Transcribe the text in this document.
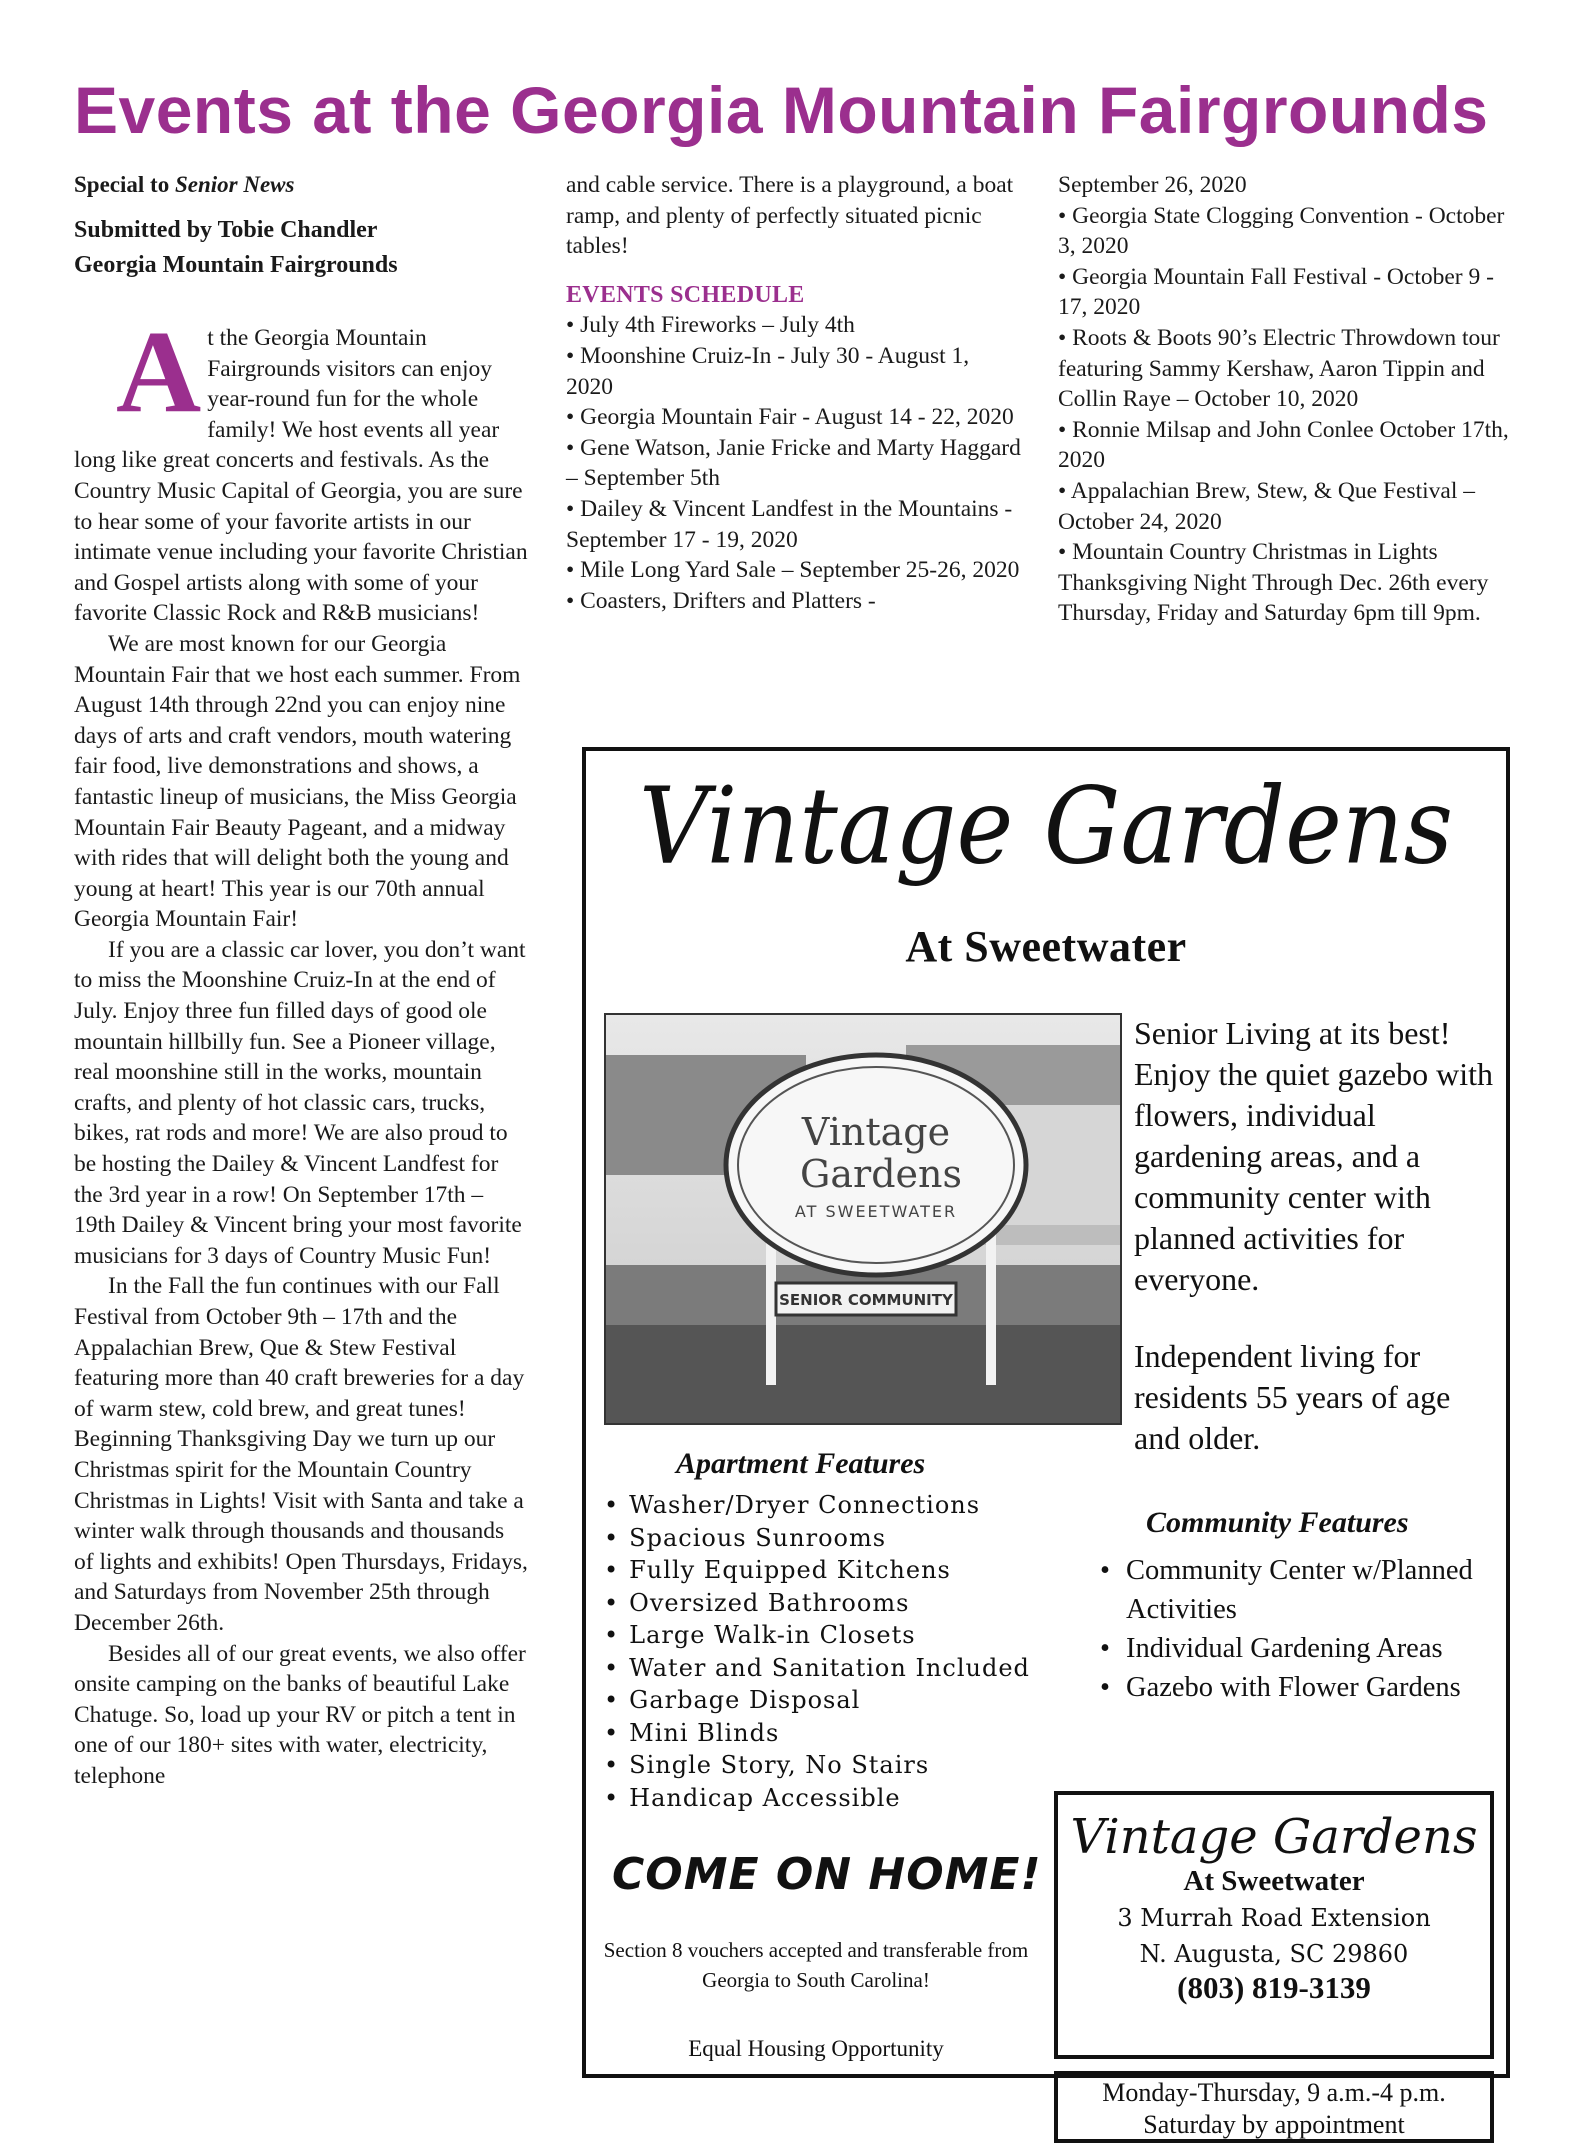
Events at the Georgia Mountain Fairgrounds

Special to Senior News

Submitted by Tobie Chandler
Georgia Mountain Fairgrounds

At the Georgia Mountain Fairgrounds visitors can enjoy year-round fun for the whole family! We host events all year long like great concerts and festivals. As the Country Music Capital of Georgia, you are sure to hear some of your favorite artists in our intimate venue including your favorite Christian and Gospel artists along with some of your favorite Classic Rock and R&B musicians!

We are most known for our Georgia Mountain Fair that we host each summer. From August 14th through 22nd you can enjoy nine days of arts and craft vendors, mouth watering fair food, live demonstrations and shows, a fantastic lineup of musicians, the Miss Georgia Mountain Fair Beauty Pageant, and a midway with rides that will delight both the young and young at heart! This year is our 70th annual Georgia Mountain Fair!

If you are a classic car lover, you don’t want to miss the Moonshine Cruiz-In at the end of July. Enjoy three fun filled days of good ole mountain hillbilly fun. See a Pioneer village, real moonshine still in the works, mountain crafts, and plenty of hot classic cars, trucks, bikes, rat rods and more! We are also proud to be hosting the Dailey & Vincent Landfest for the 3rd year in a row! On September 17th – 19th Dailey & Vincent bring your most favorite musicians for 3 days of Country Music Fun!

In the Fall the fun continues with our Fall Festival from October 9th – 17th and the Appalachian Brew, Que & Stew Festival featuring more than 40 craft breweries for a day of warm stew, cold brew, and great tunes! Beginning Thanksgiving Day we turn up our Christmas spirit for the Mountain Country Christmas in Lights! Visit with Santa and take a winter walk through thousands and thousands of lights and exhibits! Open Thursdays, Fridays, and Saturdays from November 25th through December 26th.

Besides all of our great events, we also offer onsite camping on the banks of beautiful Lake Chatuge. So, load up your RV or pitch a tent in one of our 180+ sites with water, electricity, telephone

and cable service. There is a playground, a boat ramp, and plenty of perfectly situated picnic tables!

EVENTS SCHEDULE

• July 4th Fireworks – July 4th
• Moonshine Cruiz-In - July 30 - August 1, 2020
• Georgia Mountain Fair - August 14 - 22, 2020
• Gene Watson, Janie Fricke and Marty Haggard – September 5th
• Dailey & Vincent Landfest in the Mountains - September 17 - 19, 2020
• Mile Long Yard Sale – September 25-26, 2020
• Coasters, Drifters and Platters -
September 26, 2020
• Georgia State Clogging Convention - October 3, 2020
• Georgia Mountain Fall Festival - October 9 - 17, 2020
• Roots & Boots 90’s Electric Throwdown tour featuring Sammy Kershaw, Aaron Tippin and Collin Raye – October 10, 2020
• Ronnie Milsap and John Conlee October 17th, 2020
• Appalachian Brew, Stew, & Que Festival – October 24, 2020
• Mountain Country Christmas in Lights Thanksgiving Night Through Dec. 26th every Thursday, Friday and Saturday 6pm till 9pm.
Vintage Gardens
At Sweetwater
Vintage
Gardens
AT SWEETWATER
SENIOR COMMUNITY

Senior Living at its best! Enjoy the quiet gazebo with flowers, individual gardening areas, and a community center with planned activities for everyone.

Independent living for residents 55 years of age and older.

Apartment Features
• Washer/Dryer Connections
• Spacious Sunrooms
• Fully Equipped Kitchens
• Oversized Bathrooms
• Large Walk-in Closets
• Water and Sanitation Included
• Garbage Disposal
• Mini Blinds
• Single Story, No Stairs
• Handicap Accessible
Community Features
• Community Center w/Planned Activities
• Individual Gardening Areas
• Gazebo with Flower Gardens
COME ON HOME!
Section 8 vouchers accepted and transferable from Georgia to South Carolina!
Equal Housing Opportunity
Vintage Gardens
At Sweetwater
3 Murrah Road Extension
N. Augusta, SC 29860
(803) 819-3139
Monday-Thursday, 9 a.m.-4 p.m.
Saturday by appointment
